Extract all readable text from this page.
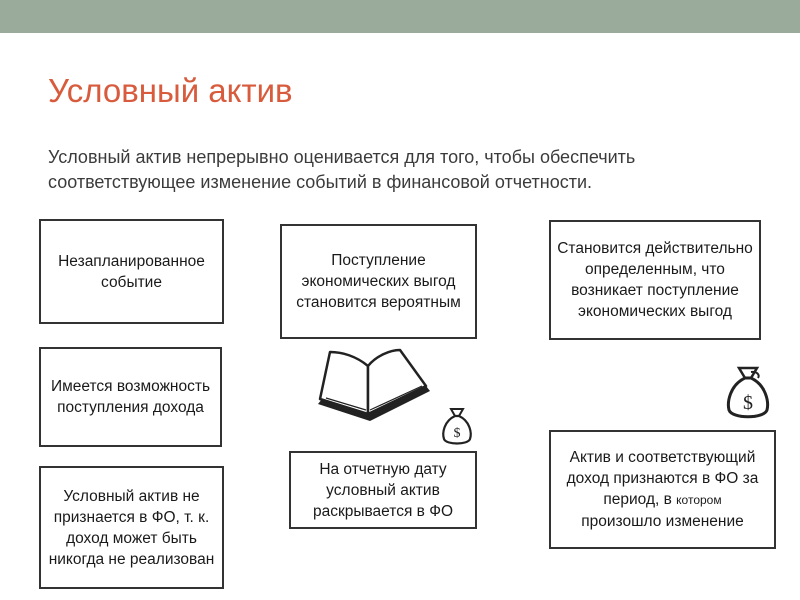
Условный актив
Условный актив непрерывно оценивается для того, чтобы обеспечить соответствующее изменение событий в финансовой отчетности.
Незапланированное событие
Имеется возможность поступления дохода
Условный актив не признается в ФО, т. к. доход может быть никогда не реализован
Поступление экономических выгод становится вероятным
На отчетную дату условный актив раскрывается в ФО
Становится действительно определенным, что возникает поступление экономических выгод
Актив и соответствующий доход признаются в ФО за период, в котором
произошло изменение
$
$
